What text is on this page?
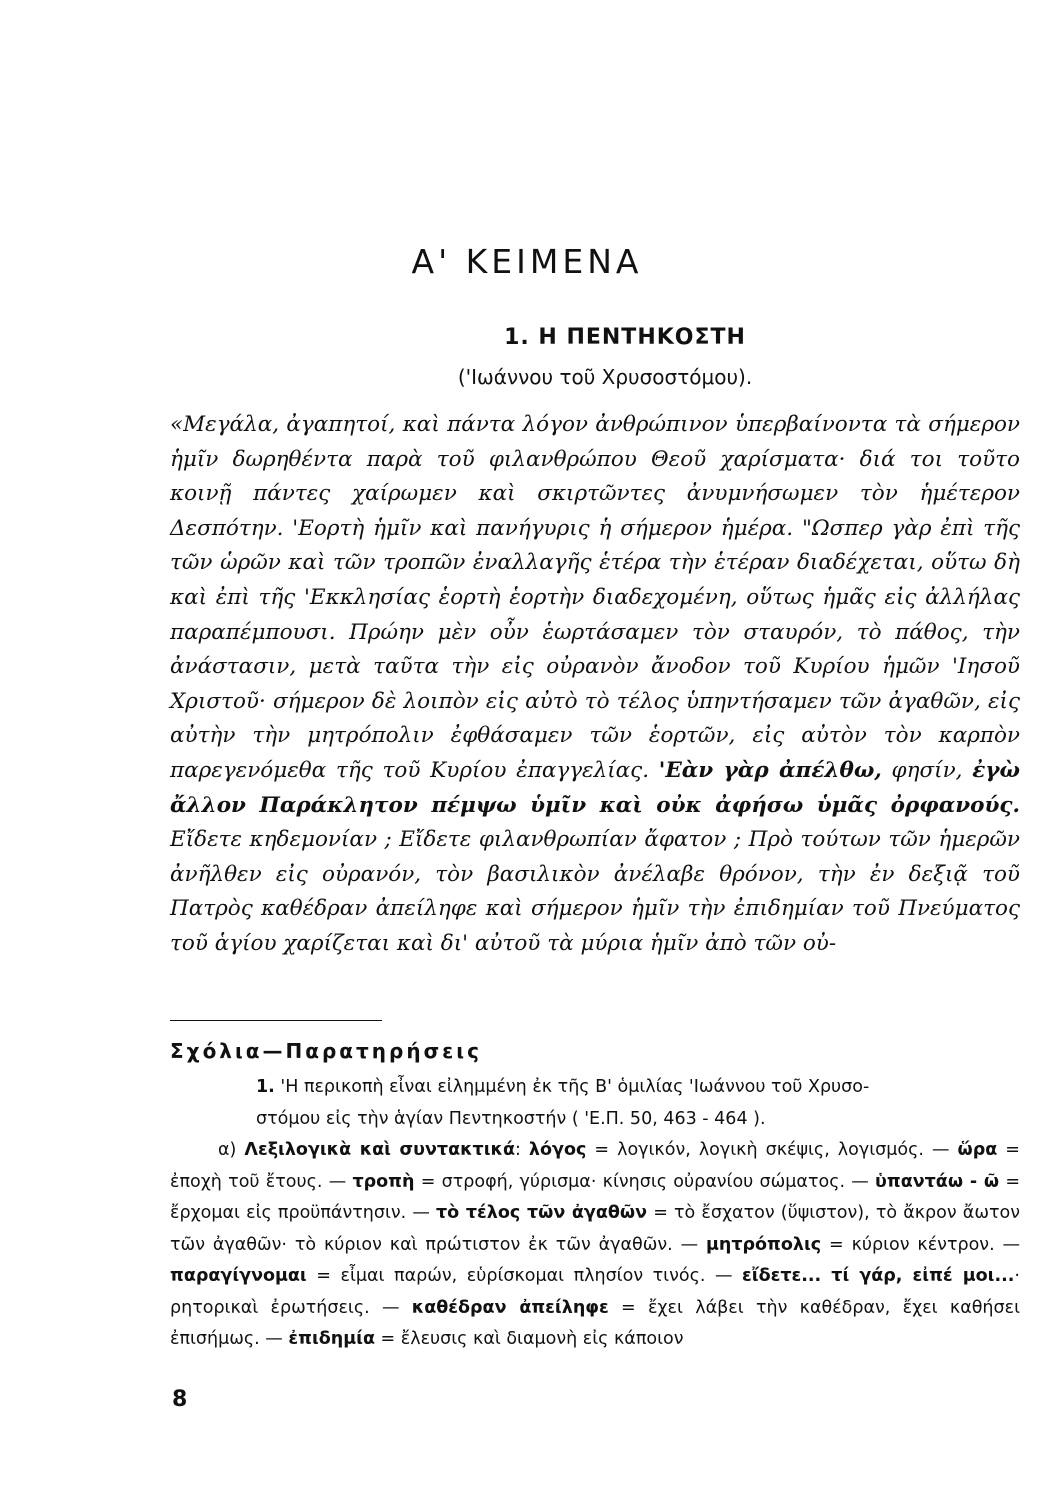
Α' ΚΕΙΜΕΝΑ
1. Η ΠΕΝΤΗΚΟΣΤΗ
('Ιωάννου τοῦ Χρυσοστόμου).
«Μεγάλα, ἀγαπητοί, καὶ πάντα λόγον ἀνθρώπινον ὑπερβαίνοντα τὰ σήμερον ἡμῖν δωρηθέντα παρὰ τοῦ φιλανθρώπου Θεοῦ χαρίσματα· διά τοι τοῦτο κοινῇ πάντες χαίρωμεν καὶ σκιρτῶντες ἀνυμνήσωμεν τὸν ἡμέτερον Δεσπότην. 'Εορτὴ ἡμῖν καὶ πανήγυρις ἡ σήμερον ἡμέρα. "Ωσπερ γὰρ ἐπὶ τῆς τῶν ὡρῶν καὶ τῶν τροπῶν ἐναλλαγῆς ἑτέρα τὴν ἑτέραν διαδέχεται, οὕτω δὴ καὶ ἐπὶ τῆς 'Εκκλησίας ἑορτὴ ἑορτὴν διαδεχομένη, οὕτως ἡμᾶς εἰς ἀλλήλας παραπέμπουσι. Πρώην μὲν οὖν ἑωρτάσαμεν τὸν σταυρόν, τὸ πάθος, τὴν ἀνάστασιν, μετὰ ταῦτα τὴν εἰς οὐρανὸν ἄνοδον τοῦ Κυρίου ἡμῶν 'Ιησοῦ Χριστοῦ· σήμερον δὲ λοιπὸν εἰς αὐτὸ τὸ τέλος ὑπηντήσαμεν τῶν ἀγαθῶν, εἰς αὐτὴν τὴν μητρόπολιν ἐφθάσαμεν τῶν ἑορτῶν, εἰς αὐτὸν τὸν καρπὸν παρεγενόμεθα τῆς τοῦ Κυρίου ἐπαγγελίας. 'Εὰν γὰρ ἀπέλθω, φησίν, ἐγὼ ἄλλον Παράκλητον πέμψω ὑμῖν καὶ οὐκ ἀφήσω ὑμᾶς ὀρφανούς. Εἴδετε κηδεμονίαν ; Εἴδετε φιλανθρωπίαν ἄφατον ; Πρὸ τούτων τῶν ἡμερῶν ἀνῆλθεν εἰς οὐρανόν, τὸν βασιλικὸν ἀνέλαβε θρόνον, τὴν ἐν δεξιᾷ τοῦ Πατρὸς καθέδραν ἀπείληφε καὶ σήμερον ἡμῖν τὴν ἐπιδημίαν τοῦ Πνεύματος τοῦ ἁγίου χαρίζεται καὶ δι' αὐτοῦ τὰ μύρια ἡμῖν ἀπὸ τῶν οὐ-
Σχόλια—Παρατηρήσεις

1. 'Η περικοπὴ εἶναι εἰλημμένη ἐκ τῆς Β' ὁμιλίας 'Ιωάννου τοῦ Χρυσο-

στόμου εἰς τὴν ἁγίαν Πεντηκοστήν ( 'Ε.Π. 50, 463 - 464 ).

α) Λεξιλογικὰ καὶ συντακτικά: λόγος = λογικόν, λογικὴ σκέψις, λογισμός. — ὥρα = ἐποχὴ τοῦ ἔτους. — τροπὴ = στροφή, γύρισμα· κίνησις οὐρανίου σώματος. — ὑπαντάω - ῶ = ἔρχομαι εἰς προϋπάντησιν. — τὸ τέλος τῶν ἀγαθῶν = τὸ ἔσχατον (ὕψιστον), τὸ ἄκρον ἄωτον τῶν ἀγαθῶν· τὸ κύριον καὶ πρώτιστον ἐκ τῶν ἀγαθῶν. — μητρόπολις = κύριον κέντρον. — παραγίγνομαι = εἶμαι παρών, εὑρίσκομαι πλησίον τινός. — εἴδετε... τί γάρ, εἰπέ μοι...· ρητορικαὶ ἐρωτήσεις. — καθέδραν ἀπείληφε = ἔχει λάβει τὴν καθέδραν, ἔχει καθήσει ἐπισήμως. — ἐπιδημία = ἔλευσις καὶ διαμονὴ εἰς κάποιον

8
